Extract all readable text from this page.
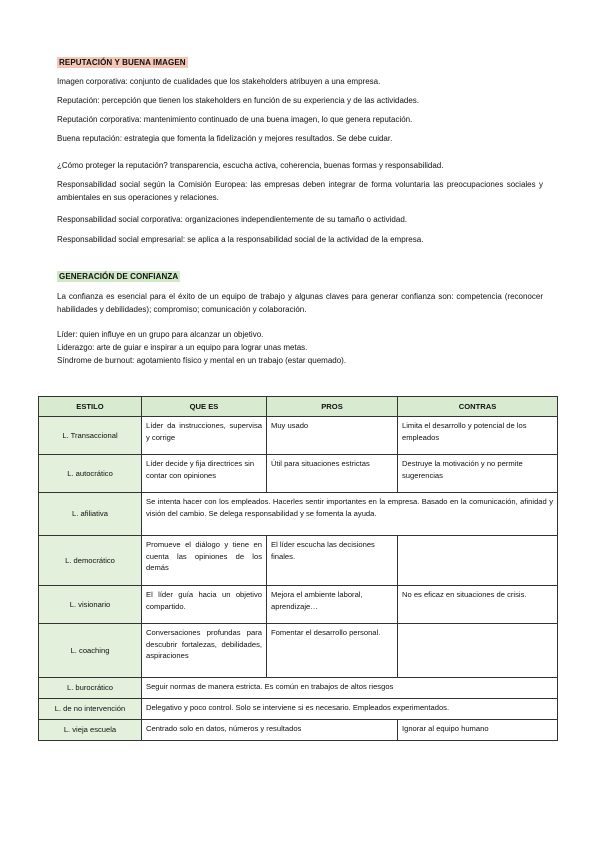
REPUTACIÓN Y BUENA IMAGEN

Imagen corporativa: conjunto de cualidades que los stakeholders atribuyen a una empresa.

Reputación: percepción que tienen los stakeholders en función de su experiencia y de las actividades.

Reputación corporativa: mantenimiento continuado de una buena imagen, lo que genera reputación.

Buena reputación: estrategia que fomenta la fidelización y mejores resultados. Se debe cuidar.

¿Cómo proteger la reputación? transparencia, escucha activa, coherencia, buenas formas y responsabilidad.

Responsabilidad social según la Comisión Europea: las empresas deben integrar de forma voluntaria las preocupaciones sociales y ambientales en sus operaciones y relaciones.

Responsabilidad social corporativa: organizaciones independientemente de su tamaño o actividad.

Responsabilidad social empresarial: se aplica a la responsabilidad social de la actividad de la empresa.

GENERACIÓN DE CONFIANZA

La confianza es esencial para el éxito de un equipo de trabajo y algunas claves para generar confianza son: competencia (reconocer habilidades y debilidades); compromiso; comunicación y colaboración.

Líder: quien influye en un grupo para alcanzar un objetivo.

Liderazgo: arte de guiar e inspirar a un equipo para lograr unas metas.

Síndrome de burnout: agotamiento físico y mental en un trabajo (estar quemado).

ESTILO	QUE ES	PROS	CONTRAS
L. Transaccional	Líder da instrucciones, supervisa y corrige	Muy usado	Limita el desarrollo y potencial de los empleados
L. autocrático	Líder decide y fija directrices sin contar con opiniones	Útil para situaciones estrictas	Destruye la motivación y no permite sugerencias
L. afiliativa	Se intenta hacer con los empleados. Hacerles sentir importantes en la empresa. Basado en la comunicación, afinidad y visión del cambio. Se delega responsabilidad y se fomenta la ayuda.		
L. democrático	Promueve el diálogo y tiene en cuenta las opiniones de los demás	El líder escucha las decisiones finales.	
L. visionario	El líder guía hacia un objetivo compartido.	Mejora el ambiente laboral, aprendizaje…	No es eficaz en situaciones de crisis.
L. coaching	Conversaciones profundas para descubrir fortalezas, debilidades, aspiraciones	Fomentar el desarrollo personal.	
L. burocrático	Seguir normas de manera estricta. Es común en trabajos de altos riesgos		
L. de no intervención	Delegativo y poco control. Solo se interviene si es necesario. Empleados experimentados.		
L. vieja escuela	Centrado solo en datos, números y resultados		Ignorar al equipo humano
